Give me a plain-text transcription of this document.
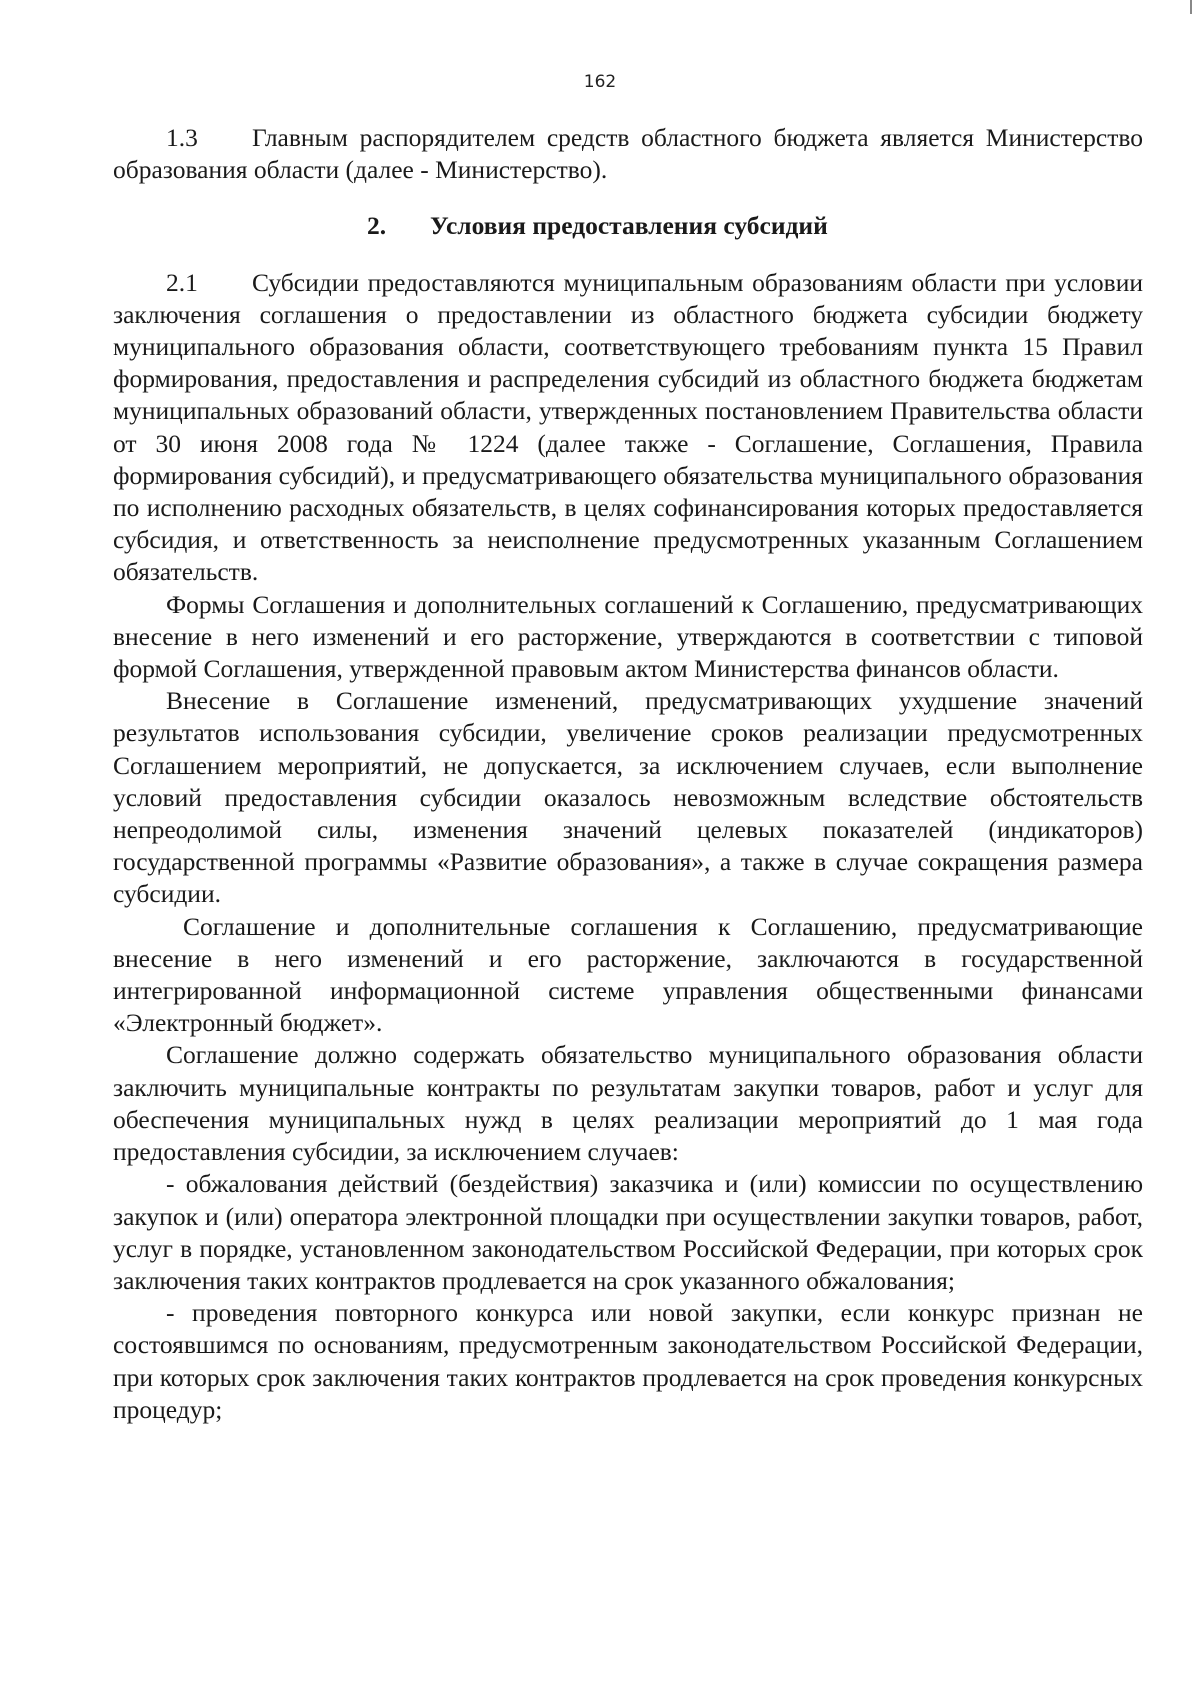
162

1.3 Главным распорядителем средств областного бюджета является Министерство образования области (далее - Министерство).

2. Условия предоставления субсидий

2.1 Субсидии предоставляются муниципальным образованиям области при условии заключения соглашения о предоставлении из областного бюджета субсидии бюджету муниципального образования области, соответствующего требованиям пункта 15 Правил формирования, предоставления и распределения субсидий из областного бюджета бюджетам муниципальных образований области, утвержденных постановлением Правительства области от 30 июня 2008 года № 1224 (далее также - Соглашение, Соглашения, Правила формирования субсидий), и предусматривающего обязательства муниципального образования по исполнению расходных обязательств, в целях софинансирования которых предоставляется субсидия, и ответственность за неисполнение предусмотренных указанным Соглашением обязательств.

Формы Соглашения и дополнительных соглашений к Соглашению, предусматривающих внесение в него изменений и его расторжение, утверждаются в соответствии с типовой формой Соглашения, утвержденной правовым актом Министерства финансов области.

Внесение в Соглашение изменений, предусматривающих ухудшение значений результатов использования субсидии, увеличение сроков реализации предусмотренных Соглашением мероприятий, не допускается, за исключением случаев, если выполнение условий предоставления субсидии оказалось невозможным вследствие обстоятельств непреодолимой силы, изменения значений целевых показателей (индикаторов) государственной программы «Развитие образования», а также в случае сокращения размера субсидии.

Соглашение и дополнительные соглашения к Соглашению, предусматривающие внесение в него изменений и его расторжение, заключаются в государственной интегрированной информационной системе управления общественными финансами «Электронный бюджет».

Соглашение должно содержать обязательство муниципального образования области заключить муниципальные контракты по результатам закупки товаров, работ и услуг для обеспечения муниципальных нужд в целях реализации мероприятий до 1 мая года предоставления субсидии, за исключением случаев:

- обжалования действий (бездействия) заказчика и (или) комиссии по осуществлению закупок и (или) оператора электронной площадки при осуществлении закупки товаров, работ, услуг в порядке, установленном законодательством Российской Федерации, при которых срок заключения таких контрактов продлевается на срок указанного обжалования;

- проведения повторного конкурса или новой закупки, если конкурс признан не состоявшимся по основаниям, предусмотренным законодательством Российской Федерации, при которых срок заключения таких контрактов продлевается на срок проведения конкурсных процедур;
